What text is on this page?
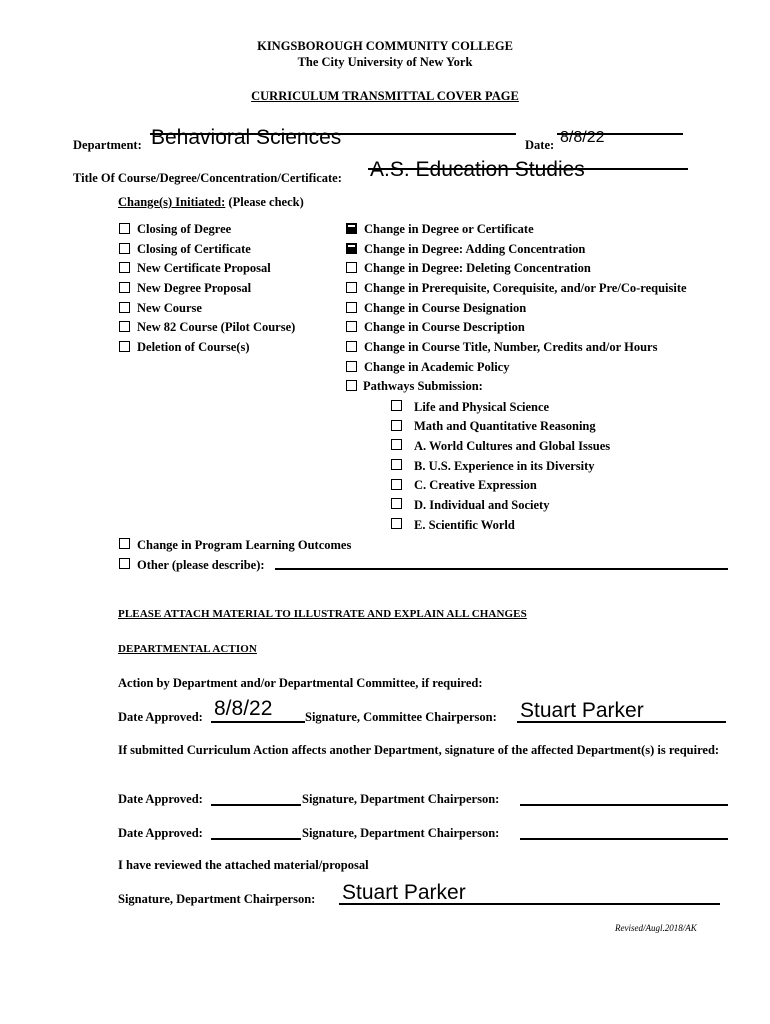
KINGSBOROUGH COMMUNITY COLLEGE
The City University of New York
CURRICULUM TRANSMITTAL COVER PAGE
Department: Behavioral Sciences	Date: 8/8/22
Title Of Course/Degree/Concentration/Certificate: A.S. Education Studies
Change(s) Initiated: (Please check)
Closing of Degree
Closing of Certificate
New Certificate Proposal
New Degree Proposal
New Course
New 82 Course (Pilot Course)
Deletion of Course(s)
Change in Degree or Certificate
Change in Degree: Adding Concentration
Change in Degree: Deleting Concentration
Change in Prerequisite, Corequisite, and/or Pre/Co-requisite
Change in Course Designation
Change in Course Description
Change in Course Title, Number, Credits and/or Hours
Change in Academic Policy
Pathways Submission:
Life and Physical Science
Math and Quantitative Reasoning
A. World Cultures and Global Issues
B. U.S. Experience in its Diversity
C. Creative Expression
D. Individual and Society
E. Scientific World
Change in Program Learning Outcomes
Other (please describe):
PLEASE ATTACH MATERIAL TO ILLUSTRATE AND EXPLAIN ALL CHANGES
DEPARTMENTAL ACTION
Action by Department and/or Departmental Committee, if required:
Date Approved: 8/8/22	Signature, Committee Chairperson: Stuart Parker
If submitted Curriculum Action affects another Department, signature of the affected Department(s) is required:
Date Approved:	Signature, Department Chairperson:
Date Approved:	Signature, Department Chairperson:
I have reviewed the attached material/proposal
Signature, Department Chairperson: Stuart Parker
Revised/Augl.2018/AK
